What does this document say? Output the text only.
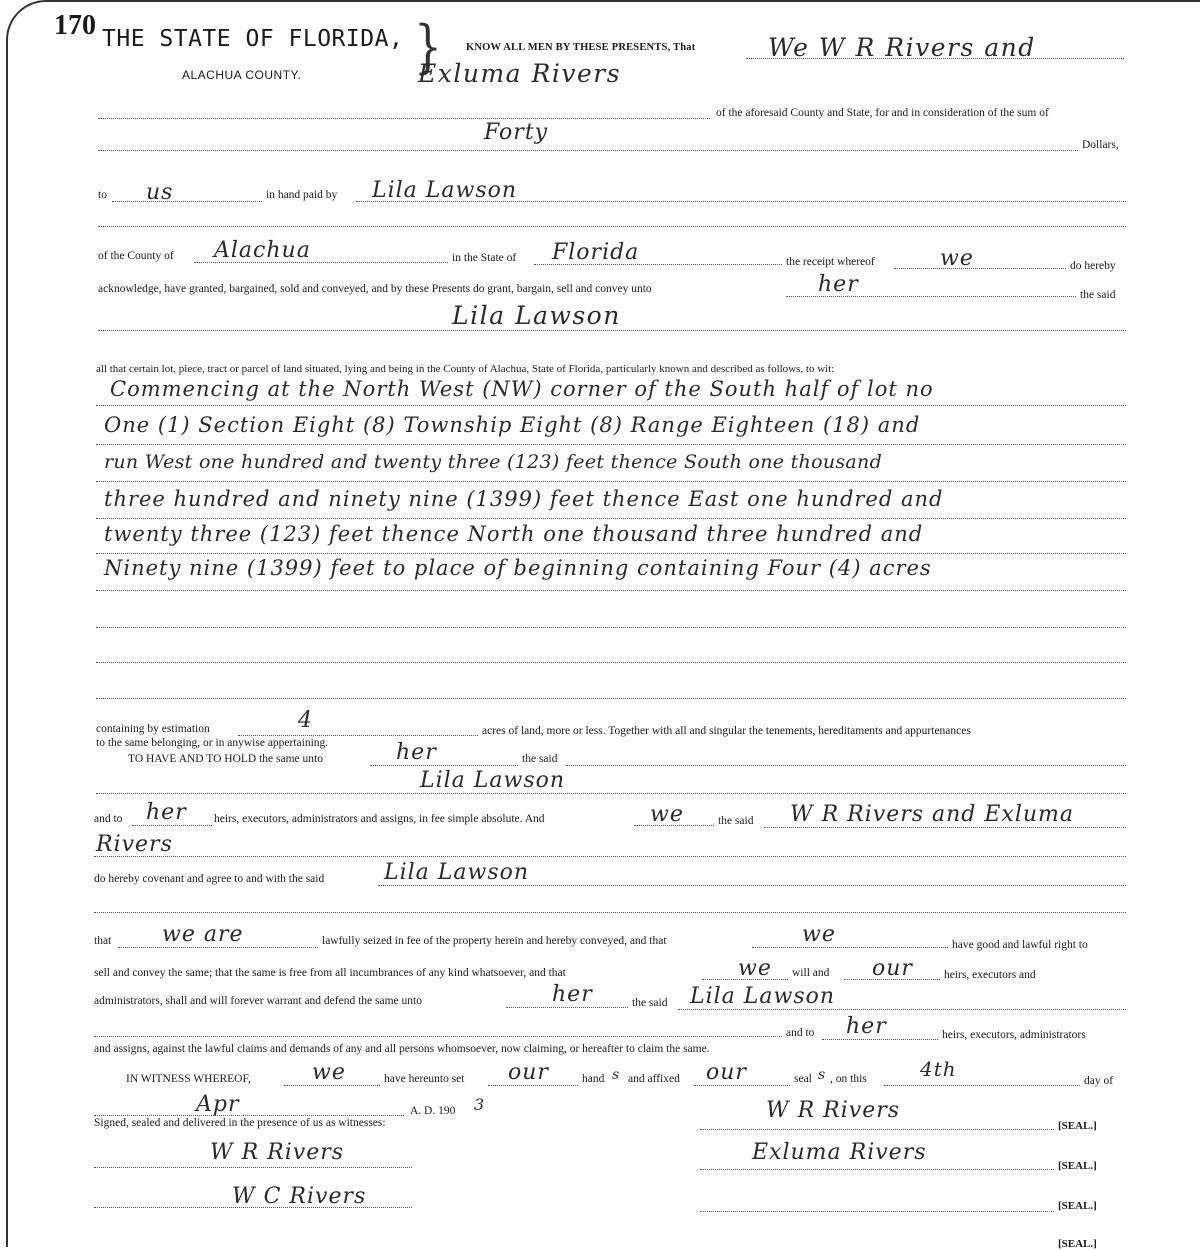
170 THE STATE OF FLORIDA, }
ALACHUA COUNTY.
KNOW ALL MEN BY THESE PRESENTS, That	We W R Rivers and
Exluma Rivers
of the aforesaid County and State, for and in consideration of the sum of
Forty	Dollars,
to us	in hand paid by Lila Lawson
of the County of Alachua	in the State of Florida	the receipt whereof	we	do hereby
acknowledge, have granted, bargained, sold and conveyed, and by these Presents do grant, bargain, sell and convey unto	her	the said
Lila Lawson
all that certain lot, piece, tract or parcel of land situated, lying and being in the County of Alachua, State of Florida, particularly known and described as follows, to wit:
Commencing at the North West (NW) corner of the South half of lot no
One (1) Section Eight (8) Township Eight (8) Range Eighteen (18) and
run West one hundred and twenty three (123) feet thence South one thousand
three hundred and ninety nine (1399) feet thence East one hundred and
twenty three (123) feet thence North one thousand three hundred and
Ninety nine (1399) feet to place of beginning containing Four (4) acres
containing by estimation	4	acres of land, more or less. Together with all and singular the tenements, hereditaments and appurtenances
to the same belonging, or in anywise appertaining.
TO HAVE AND TO HOLD the same unto	her	the said
Lila Lawson
and to her heirs, executors, administrators and assigns, in fee simple absolute. And	we	the said W R Rivers and Exluma
Rivers
do hereby covenant and agree to and with the said	Lila Lawson
that we are	lawfully seized in fee of the property herein and hereby conveyed, and that	we	have good and lawful right to
sell and convey the same; that the same is free from all incumbrances of any kind whatsoever, and that	we will and our	heirs, executors and
administrators, shall and will forever warrant and defend the same unto	her	the said Lila Lawson
and to her	heirs, executors, administrators
and assigns, against the lawful claims and demands of any and all persons whomsoever, now claiming, or hereafter to claim the same.
IN WITNESS WHEREOF,	we	have hereunto set our	hand s and affixed our	seal s , on this	4th	day of
Apr	A. D. 190 3
Signed, sealed and delivered in the presence of us as witnesses:
W R Rivers
W C Rivers
W R Rivers
Exluma Rivers
[SEAL.]
[SEAL.]
[SEAL.]
[SEAL.]
